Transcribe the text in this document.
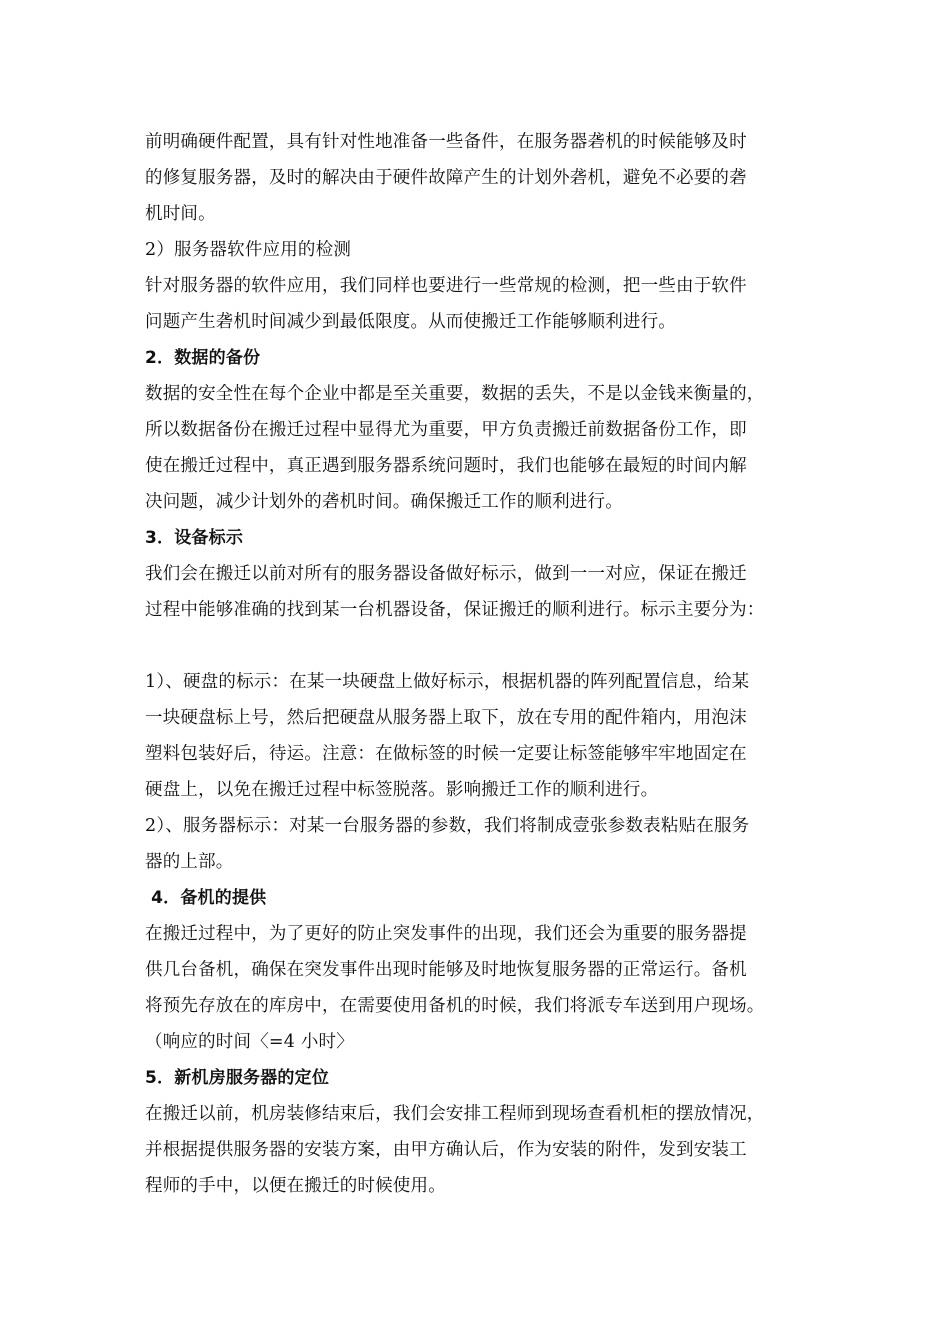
前明确硬件配置，具有针对性地准备一些备件，在服务器砻机的时候能够及时
的修复服务器，及时的解决由于硬件故障产生的计划外砻机，避免不必要的砻
机时间。
2）服务器软件应用的检测
针对服务器的软件应用，我们同样也要进行一些常规的检测，把一些由于软件
问题产生砻机时间减少到最低限度。从而使搬迁工作能够顺利进行。
2．数据的备份
数据的安全性在每个企业中都是至关重要，数据的丢失，不是以金钱来衡量的，
所以数据备份在搬迁过程中显得尤为重要，甲方负责搬迁前数据备份工作，即
使在搬迁过程中，真正遇到服务器系统问题时，我们也能够在最短的时间内解
决问题，减少计划外的砻机时间。确保搬迁工作的顺利进行。
3．设备标示
我们会在搬迁以前对所有的服务器设备做好标示，做到一一对应，保证在搬迁
过程中能够准确的找到某一台机器设备，保证搬迁的顺利进行。标示主要分为：
1）、硬盘的标示：在某一块硬盘上做好标示，根据机器的阵列配置信息，给某
一块硬盘标上号，然后把硬盘从服务器上取下，放在专用的配件箱内，用泡沫
塑料包装好后，待运。注意：在做标签的时候一定要让标签能够牢牢地固定在
硬盘上，以免在搬迁过程中标签脱落。影响搬迁工作的顺利进行。
2）、服务器标示：对某一台服务器的参数，我们将制成壹张参数表粘贴在服务
器的上部。
4．备机的提供
在搬迁过程中，为了更好的防止突发事件的出现，我们还会为重要的服务器提
供几台备机，确保在突发事件出现时能够及时地恢复服务器的正常运行。备机
将预先存放在的库房中，在需要使用备机的时候，我们将派专车送到用户现场。
（响应的时间〈=4 小时〉
5．新机房服务器的定位
在搬迁以前，机房装修结束后，我们会安排工程师到现场查看机柜的摆放情况，
并根据提供服务器的安装方案，由甲方确认后，作为安装的附件，发到安装工
程师的手中，以便在搬迁的时候使用。
